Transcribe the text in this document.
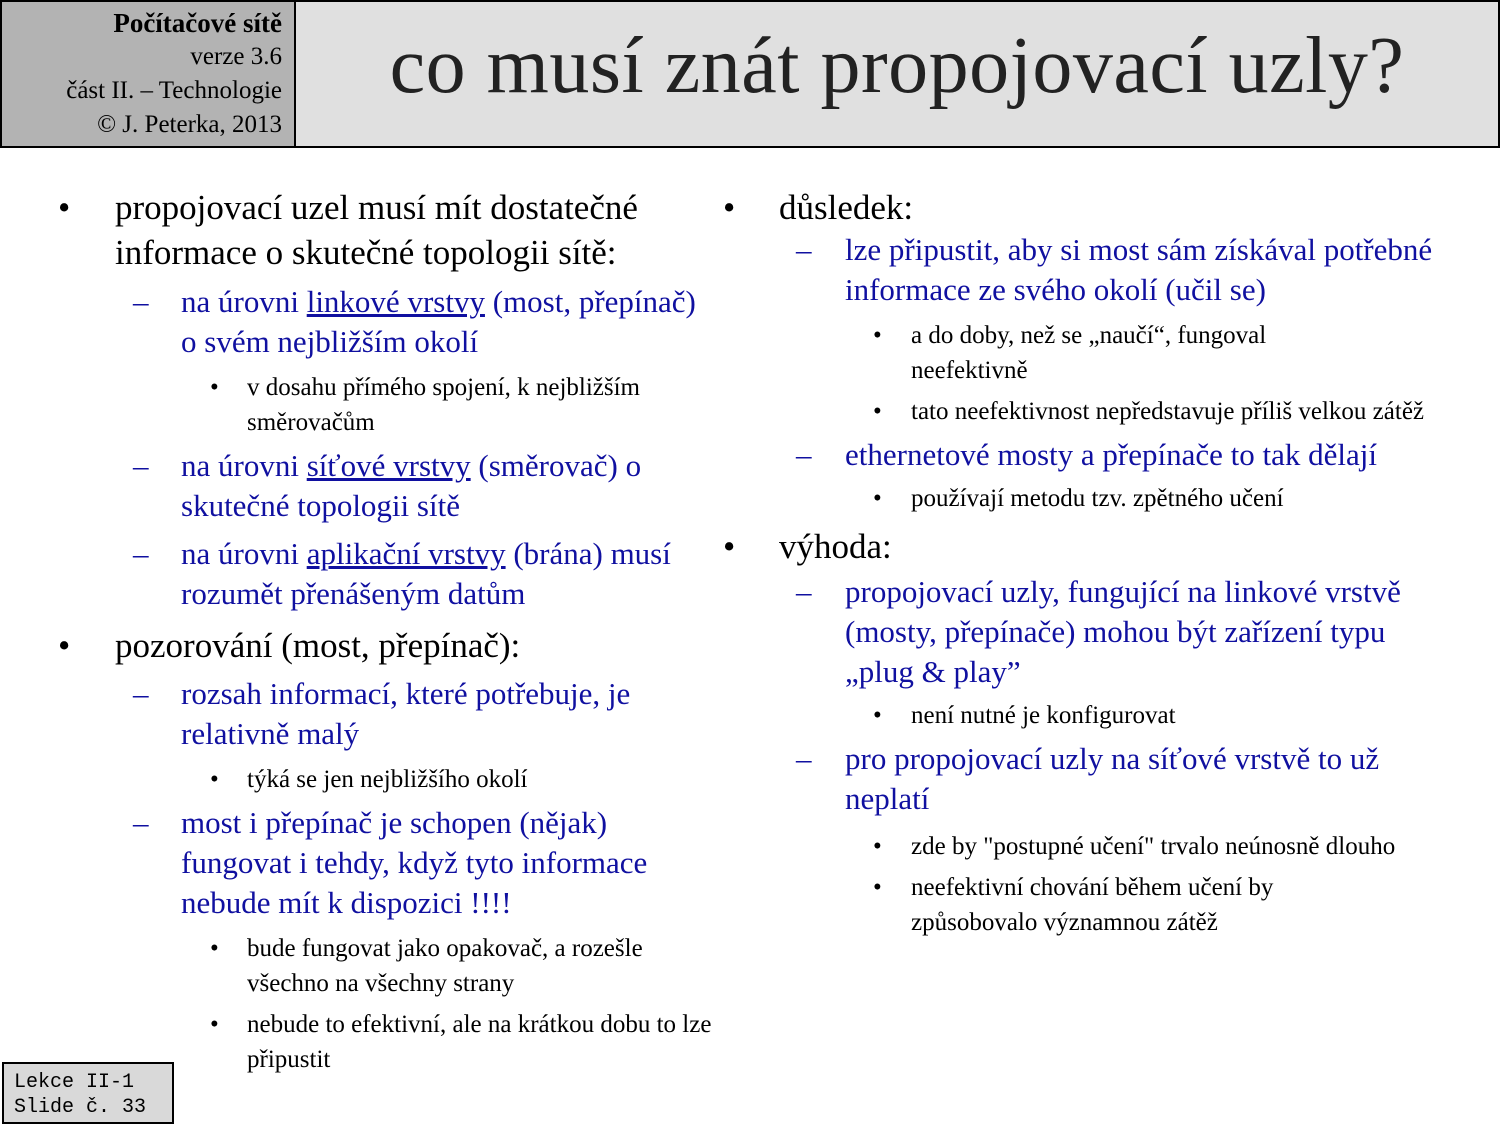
Počítačové sítě
verze 3.6
část II. – Technologie
© J. Peterka, 2013
co musí znát propojovací uzly?
• propojovací uzel musí mít dostatečné informace o skutečné topologii sítě:
– na úrovni linkové vrstvy (most, přepínač) o svém nejbližším okolí
• v dosahu přímého spojení, k nejbližším směrovačům
– na úrovni síťové vrstvy (směrovač) o skutečné topologii sítě
– na úrovni aplikační vrstvy (brána) musí rozumět přenášeným datům
• pozorování (most, přepínač):
– rozsah informací, které potřebuje, je relativně malý
• týká se jen nejbližšího okolí
– most i přepínač je schopen (nějak) fungovat i tehdy, když tyto informace nebude mít k dispozici !!!!
• bude fungovat jako opakovač, a rozešle všechno na všechny strany
• nebude to efektivní, ale na krátkou dobu to lze připustit
• důsledek:
– lze připustit, aby si most sám získával potřebné informace ze svého okolí (učil se)
• a do doby, než se „naučí“, fungoval neefektivně
• tato neefektivnost nepředstavuje příliš velkou zátěž
– ethernetové mosty a přepínače to tak dělají
• používají metodu tzv. zpětného učení
• výhoda:
– propojovací uzly, fungující na linkové vrstvě (mosty, přepínače) mohou být zařízení typu „plug & play”
• není nutné je konfigurovat
– pro propojovací uzly na síťové vrstvě to už neplatí
• zde by "postupné učení" trvalo neúnosně dlouho
• neefektivní chování během učení by způsobovalo významnou zátěž
Lekce II-1
Slide č. 33
